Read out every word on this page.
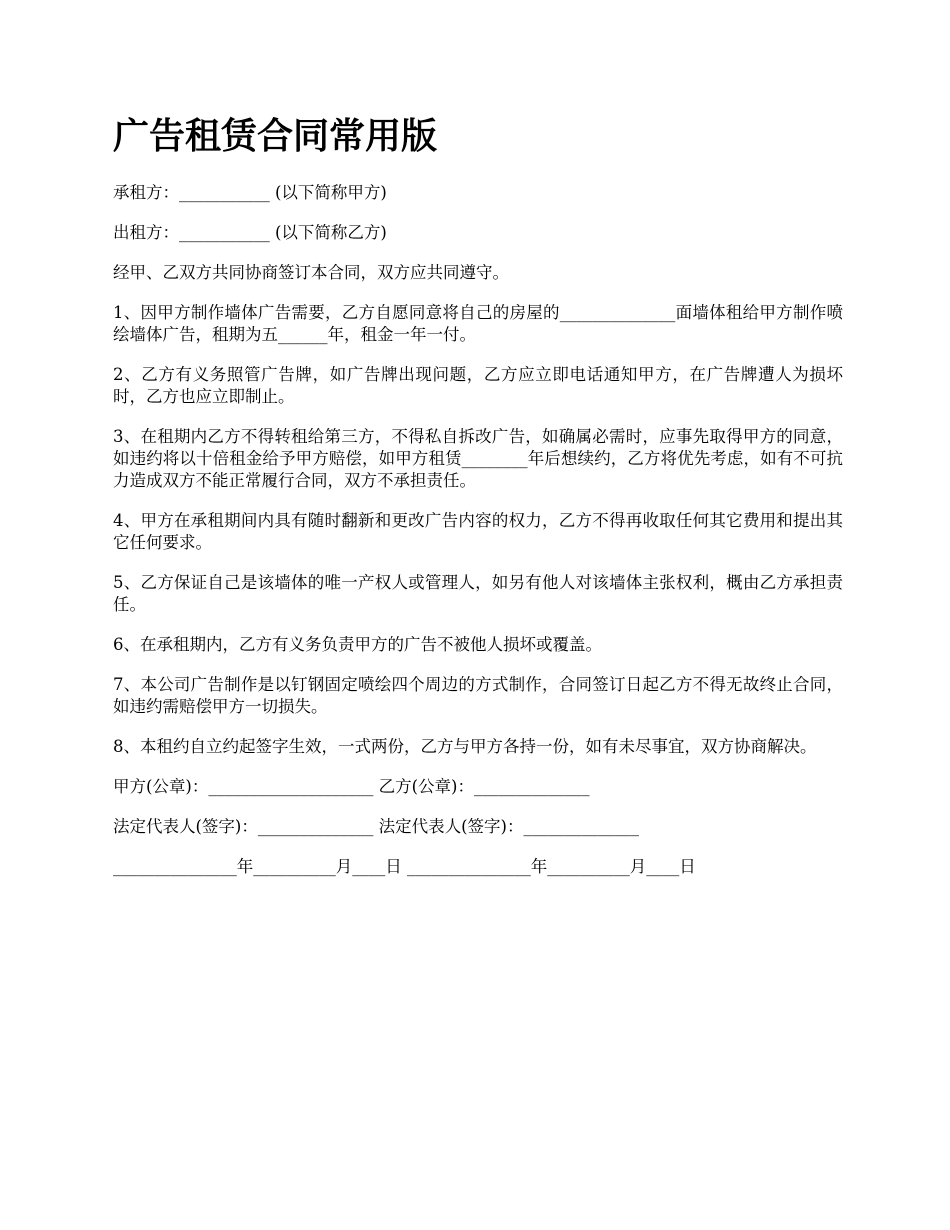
广告租赁合同常用版

承租方：___________ (以下简称甲方)

出租方：___________ (以下简称乙方)

经甲、乙双方共同协商签订本合同，双方应共同遵守。

1、因甲方制作墙体广告需要，乙方自愿同意将自己的房屋的______________面墙体租给甲方制作喷绘墙体广告，租期为五______年，租金一年一付。

2、乙方有义务照管广告牌，如广告牌出现问题，乙方应立即电话通知甲方，在广告牌遭人为损坏时，乙方也应立即制止。

3、在租期内乙方不得转租给第三方，不得私自拆改广告，如确属必需时，应事先取得甲方的同意，如违约将以十倍租金给予甲方赔偿，如甲方租赁________年后想续约，乙方将优先考虑，如有不可抗力造成双方不能正常履行合同，双方不承担责任。

4、甲方在承租期间内具有随时翻新和更改广告内容的权力，乙方不得再收取任何其它费用和提出其它任何要求。

5、乙方保证自己是该墙体的唯一产权人或管理人，如另有他人对该墙体主张权利，概由乙方承担责任。

6、在承租期内，乙方有义务负责甲方的广告不被他人损坏或覆盖。

7、本公司广告制作是以钉钢固定喷绘四个周边的方式制作，合同签订日起乙方不得无故终止合同，如违约需赔偿甲方一切损失。

8、本租约自立约起签字生效，一式两份，乙方与甲方各持一份，如有未尽事宜，双方协商解决。

甲方(公章)：____________________ 乙方(公章)：______________

法定代表人(签字)：______________ 法定代表人(签字)：______________

_______________年__________月____日 _______________年__________月____日
